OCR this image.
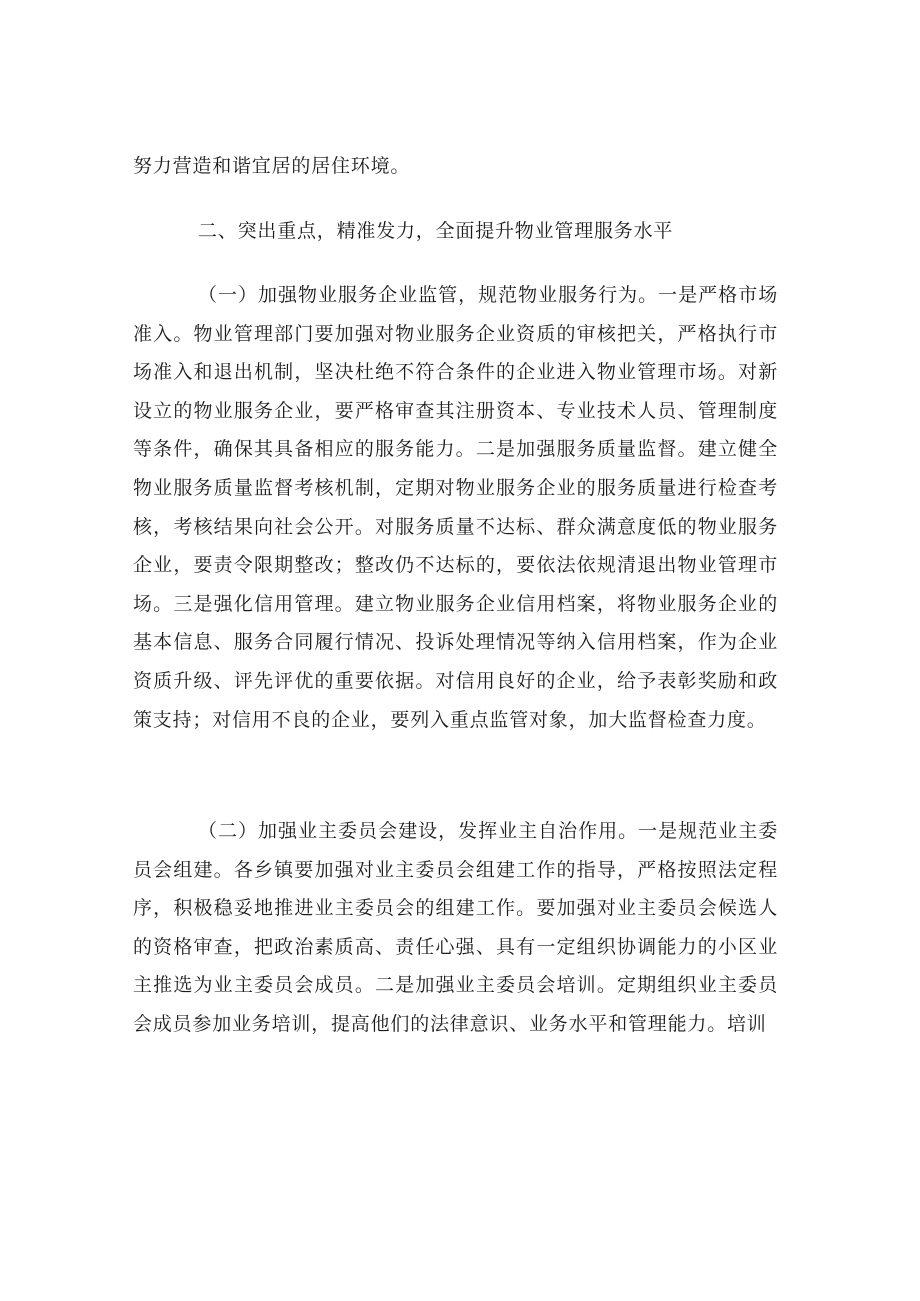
努力营造和谐宜居的居住环境。

二、突出重点，精准发力，全面提升物业管理服务水平

（一）加强物业服务企业监管，规范物业服务行为。一是严格市场准入。物业管理部门要加强对物业服务企业资质的审核把关，严格执行市场准入和退出机制，坚决杜绝不符合条件的企业进入物业管理市场。对新设立的物业服务企业，要严格审查其注册资本、专业技术人员、管理制度等条件，确保其具备相应的服务能力。二是加强服务质量监督。建立健全物业服务质量监督考核机制，定期对物业服务企业的服务质量进行检查考核，考核结果向社会公开。对服务质量不达标、群众满意度低的物业服务企业，要责令限期整改；整改仍不达标的，要依法依规清退出物业管理市场。三是强化信用管理。建立物业服务企业信用档案，将物业服务企业的基本信息、服务合同履行情况、投诉处理情况等纳入信用档案，作为企业资质升级、评先评优的重要依据。对信用良好的企业，给予表彰奖励和政策支持；对信用不良的企业，要列入重点监管对象，加大监督检查力度。

（二）加强业主委员会建设，发挥业主自治作用。一是规范业主委员会组建。各乡镇要加强对业主委员会组建工作的指导，严格按照法定程序，积极稳妥地推进业主委员会的组建工作。要加强对业主委员会候选人的资格审查，把政治素质高、责任心强、具有一定组织协调能力的小区业主推选为业主委员会成员。二是加强业主委员会培训。定期组织业主委员会成员参加业务培训，提高他们的法律意识、业务水平和管理能力。培训
